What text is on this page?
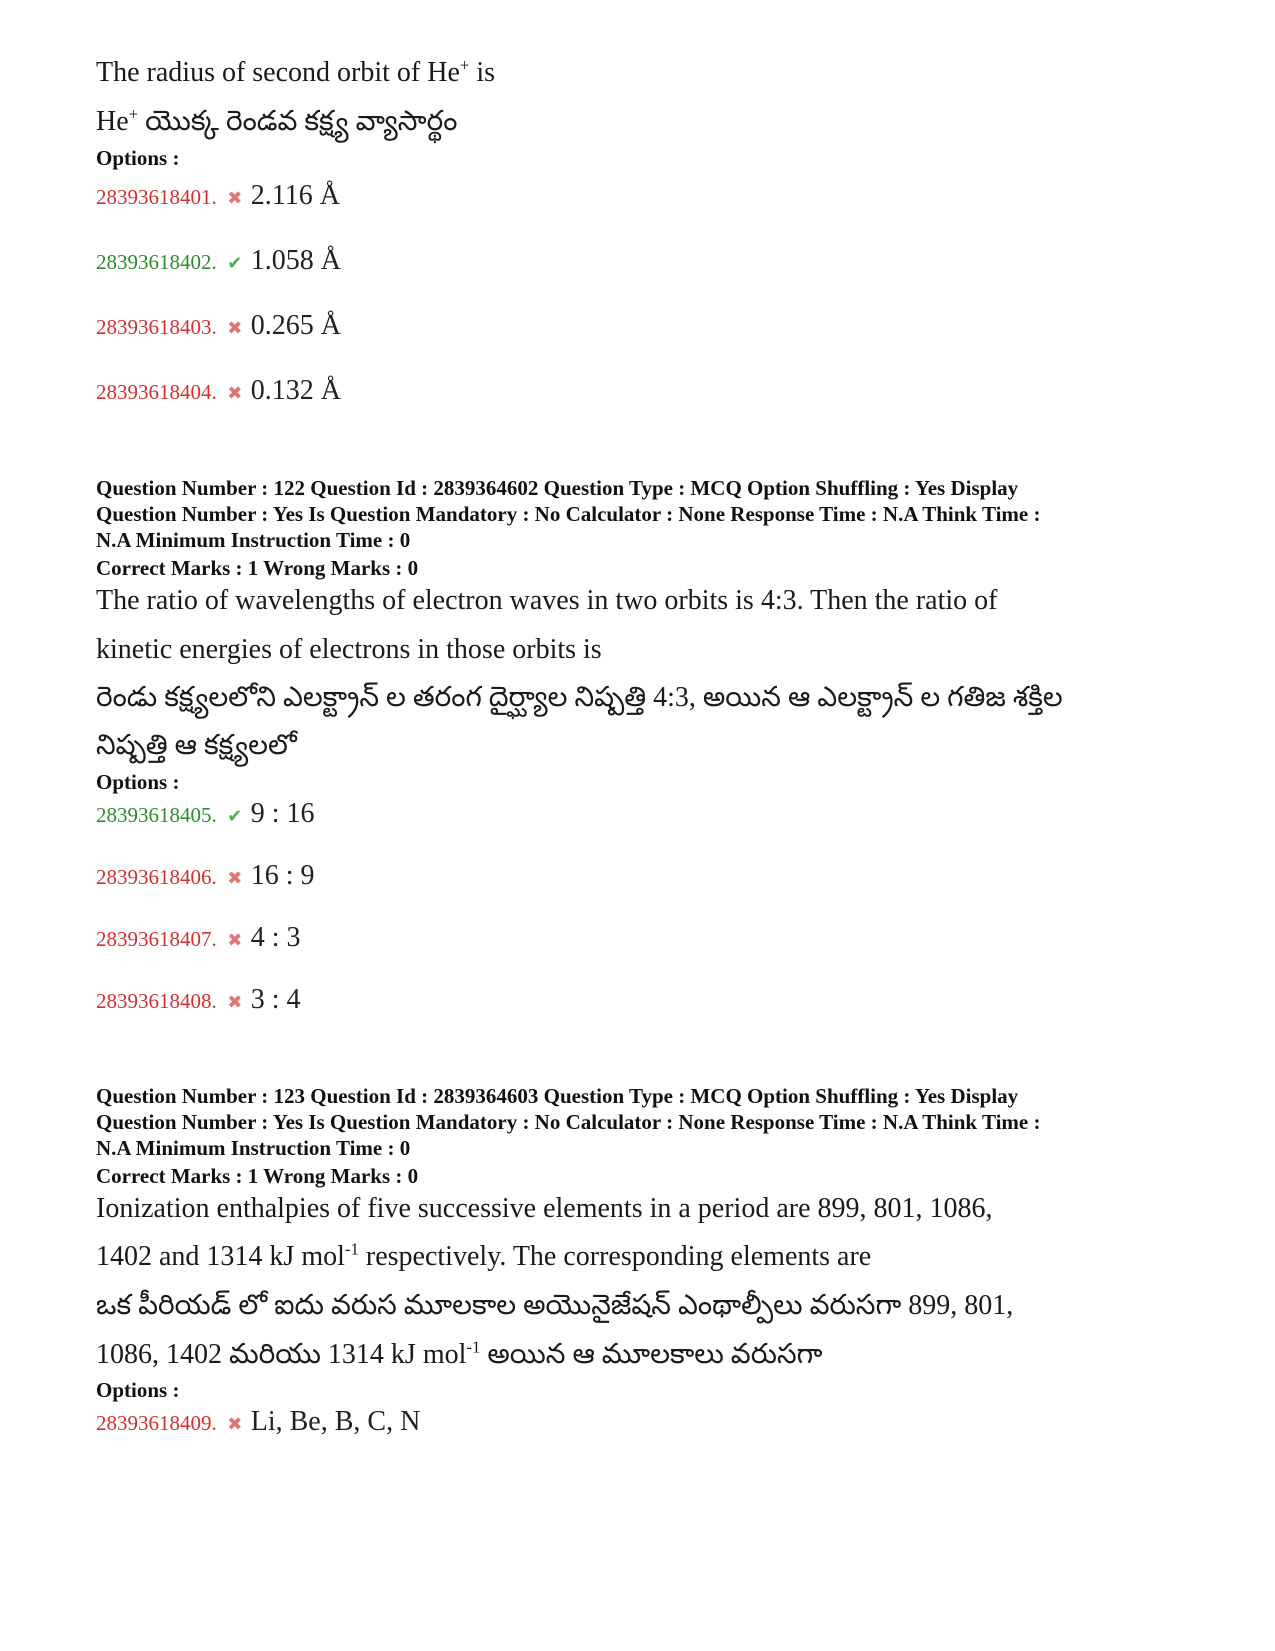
The radius of second orbit of He+ is
He+ యొక్క రెండవ కక్ష్య వ్యాసార్థం
Options :
28393618401. ✖ 2.116 Å
28393618402. ✔ 1.058 Å
28393618403. ✖ 0.265 Å
28393618404. ✖ 0.132 Å
Question Number : 122 Question Id : 2839364602 Question Type : MCQ Option Shuffling : Yes Display
Question Number : Yes Is Question Mandatory : No Calculator : None Response Time : N.A Think Time :
N.A Minimum Instruction Time : 0
Correct Marks : 1 Wrong Marks : 0
The ratio of wavelengths of electron waves in two orbits is 4:3. Then the ratio of
kinetic energies of electrons in those orbits is
రెండు కక్ష్యలలోని ఎలక్ట్రాన్ ల తరంగ దైర్ఘ్యాల నిష్పత్తి 4:3, అయిన ఆ ఎలక్ట్రాన్ ల గతిజ శక్తిల
నిష్పత్తి ఆ కక్ష్యలలో
Options :
28393618405. ✔ 9 : 16
28393618406. ✖ 16 : 9
28393618407. ✖ 4 : 3
28393618408. ✖ 3 : 4
Question Number : 123 Question Id : 2839364603 Question Type : MCQ Option Shuffling : Yes Display
Question Number : Yes Is Question Mandatory : No Calculator : None Response Time : N.A Think Time :
N.A Minimum Instruction Time : 0
Correct Marks : 1 Wrong Marks : 0
Ionization enthalpies of five successive elements in a period are 899, 801, 1086,
1402 and 1314 kJ mol$^{-1}$ respectively. The corresponding elements are
ఒక పీరియడ్ లో ఐదు వరుస మూలకాల అయొనైజేషన్ ఎంథాల్పీలు వరుసగా 899, 801,
1086, 1402 మరియు 1314 kJ mol$^{-1}$ అయిన ఆ మూలకాలు వరుసగా
Options :
28393618409. ✖ Li, Be, B, C, N
